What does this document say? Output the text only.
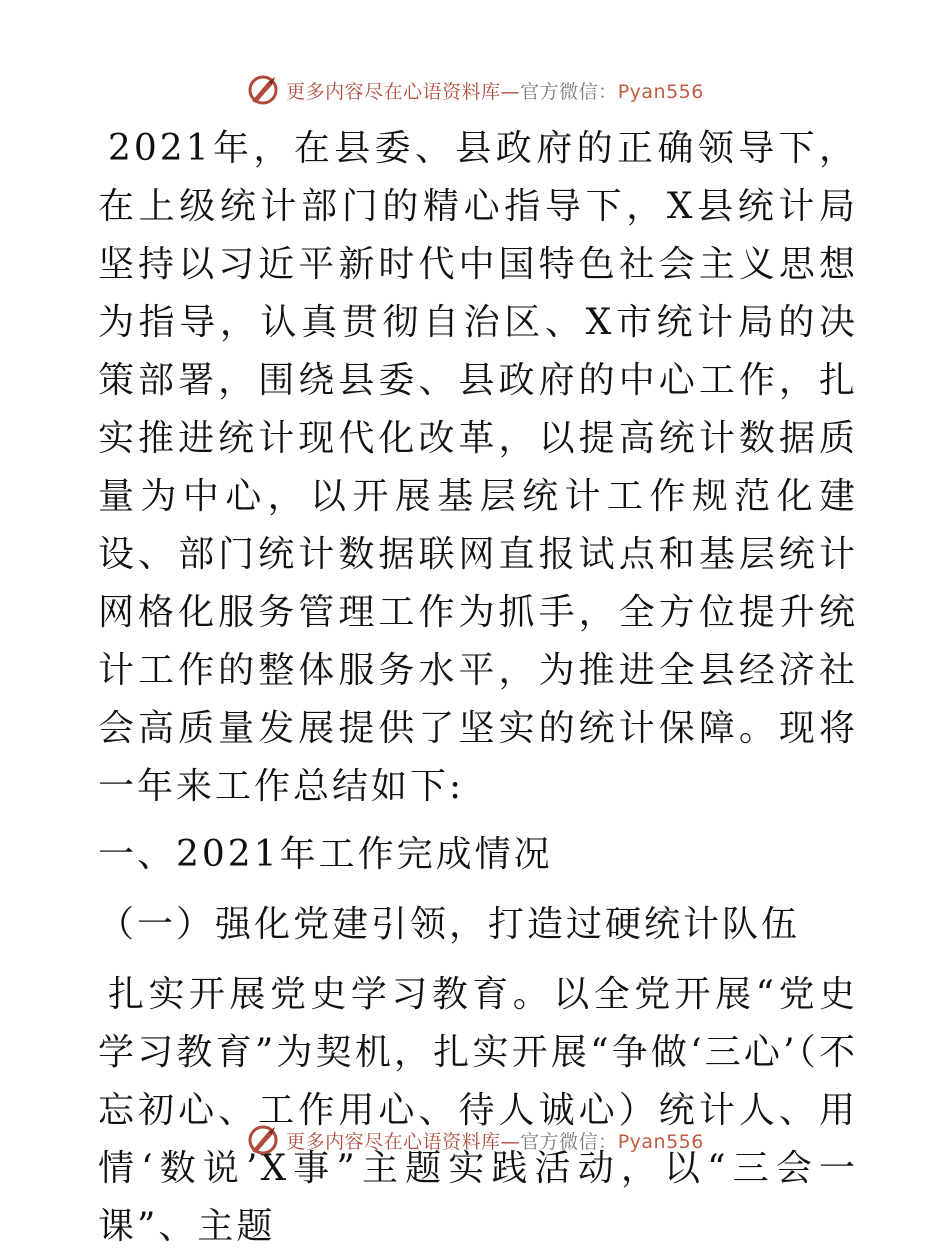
更多内容尽在心语资料库—官方微信：Pyan556

2021年，在县委、县政府的正确领导下，在上级统计部门的精心指导下，X县统计局坚持以习近平新时代中国特色社会主义思想为指导，认真贯彻自治区、X市统计局的决策部署，围绕县委、县政府的中心工作，扎实推进统计现代化改革，以提高统计数据质量为中心，以开展基层统计工作规范化建设、部门统计数据联网直报试点和基层统计网格化服务管理工作为抓手，全方位提升统计工作的整体服务水平，为推进全县经济社会高质量发展提供了坚实的统计保障。现将一年来工作总结如下:

一、2021年工作完成情况

（一）强化党建引领，打造过硬统计队伍

扎实开展党史学习教育。以全党开展“党史学习教育”为契机，扎实开展“争做‘三心’（不忘初心、工作用心、待人诚心）统计人、用情‘数说’X事”主题实践活动，以“三会一课”、主题

更多内容尽在心语资料库—官方微信：Pyan556
